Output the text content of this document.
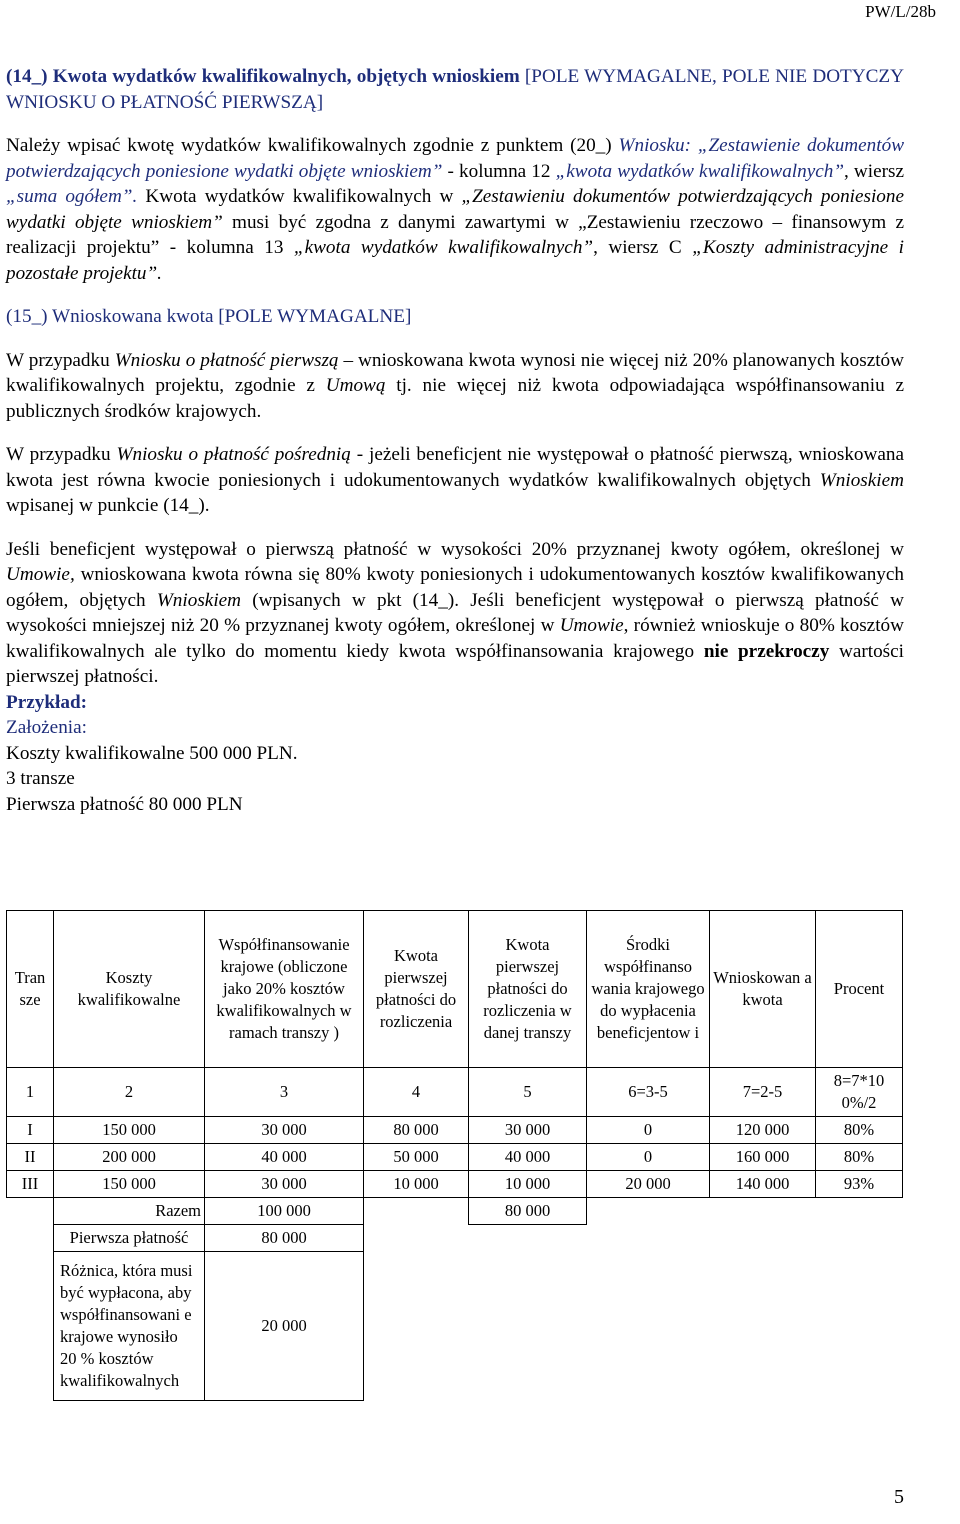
PW/L/28b

(14_) Kwota wydatków kwalifikowalnych, objętych wnioskiem [POLE WYMAGALNE, POLE NIE DOTYCZY WNIOSKU O PŁATNOŚĆ PIERWSZĄ]

Należy wpisać kwotę wydatków kwalifikowalnych zgodnie z punktem (20_) Wniosku: „Zestawienie dokumentów potwierdzających poniesione wydatki objęte wnioskiem” - kolumna 12 „kwota wydatków kwalifikowalnych”, wiersz „suma ogółem”. Kwota wydatków kwalifikowalnych w „Zestawieniu dokumentów potwierdzających poniesione wydatki objęte wnioskiem” musi być zgodna z danymi zawartymi w „Zestawieniu rzeczowo – finansowym z realizacji projektu” - kolumna 13 „kwota wydatków kwalifikowalnych”, wiersz C „Koszty administracyjne i pozostałe projektu”.

(15_) Wnioskowana kwota [POLE WYMAGALNE]

W przypadku Wniosku o płatność pierwszą – wnioskowana kwota wynosi nie więcej niż 20% planowanych kosztów kwalifikowalnych projektu, zgodnie z Umową tj. nie więcej niż kwota odpowiadająca współfinansowaniu z publicznych środków krajowych.

W przypadku Wniosku o płatność pośrednią - jeżeli beneficjent nie występował o płatność pierwszą, wnioskowana kwota jest równa kwocie poniesionych i udokumentowanych wydatków kwalifikowalnych objętych Wnioskiem wpisanej w punkcie (14_).

Jeśli beneficjent występował o pierwszą płatność w wysokości 20% przyznanej kwoty ogółem, określonej w Umowie, wnioskowana kwota równa się 80% kwoty poniesionych i udokumentowanych kosztów kwalifikowanych ogółem, objętych Wnioskiem (wpisanych w pkt (14_). Jeśli beneficjent występował o pierwszą płatność w wysokości mniejszej niż 20 % przyznanej kwoty ogółem, określonej w Umowie, również wnioskuje o 80% kosztów kwalifikowalnych ale tylko do momentu kiedy kwota współfinansowania krajowego nie przekroczy wartości pierwszej płatności.

Przykład:

Założenia:

Koszty kwalifikowalne 500 000 PLN.

3 transze

Pierwsza płatność 80 000 PLN

Tran sze	Koszty kwalifikowalne	Współfinansowanie krajowe (obliczone jako 20% kosztów kwalifikowalnych w ramach transzy )	Kwota pierwszej płatności do rozliczenia	Kwota pierwszej płatności do rozliczenia w danej transzy	Środki współfinanso wania krajowego do wypłacenia beneficjentow i	Wnioskowan a kwota	Procent
1	2	3	4	5	6=3-5	7=2-5	8=7*10 0%/2
I	150 000	30 000	80 000	30 000	0	120 000	80%
II	200 000	40 000	50 000	40 000	0	160 000	80%
III	150 000	30 000	10 000	10 000	20 000	140 000	93%
	Razem	100 000		80 000			
	Pierwsza płatność	80 000					
	Różnica, która musi być wypłacona, aby współfinansowani e krajowe wynosiło 20 % kosztów kwalifikowalnych	20 000					
5
